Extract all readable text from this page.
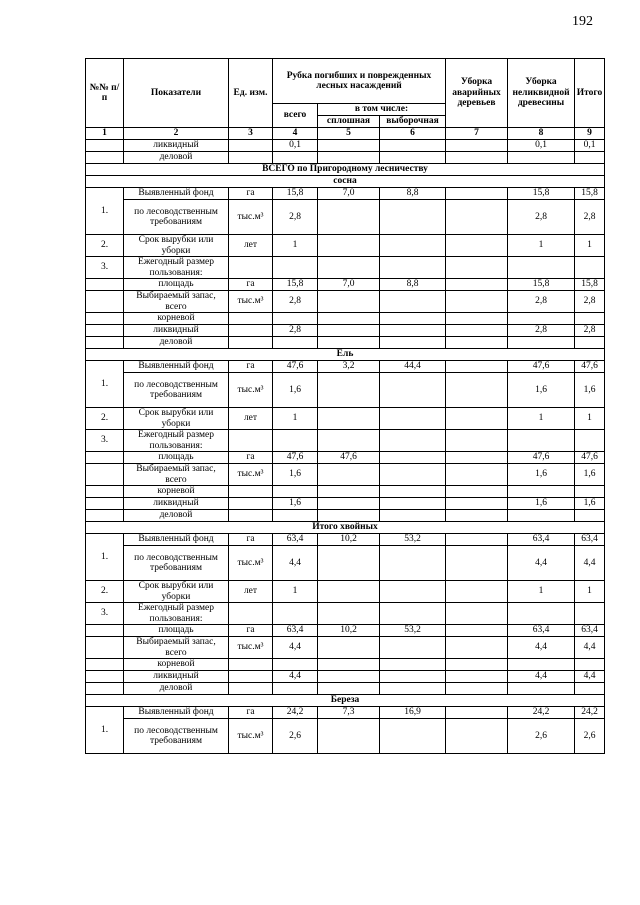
192
№№ п/п	Показатели	Ед. изм.	Рубка погибших и поврежденных лесных насаждений			Уборка аварийных деревьев	Уборка неликвидной древесины	Итого
			всего	в том числе:				
				сплошная	выборочная			
1	2	3	4	5	6	7	8	9
	ликвидный		0,1				0,1	0,1
	деловой							
ВСЕГО по Пригородному лесничеству								
сосна								
1.	Выявленный фонд	га	15,8	7,0	8,8		15,8	15,8
	по лесоводственным требованиям	тыс.м³	2,8				2,8	2,8
2.	Срок вырубки или уборки	лет	1				1	1
3.	Ежегодный размер пользования:							
	площадь	га	15,8	7,0	8,8		15,8	15,8
	Выбираемый запас, всего	тыс.м³	2,8				2,8	2,8
	корневой							
	ликвидный		2,8				2,8	2,8
	деловой							
Ель								
1.	Выявленный фонд	га	47,6	3,2	44,4		47,6	47,6
	по лесоводственным требованиям	тыс.м³	1,6				1,6	1,6
2.	Срок вырубки или уборки	лет	1				1	1
3.	Ежегодный размер пользования:							
	площадь	га	47,6	47,6			47,6	47,6
	Выбираемый запас, всего	тыс.м³	1,6				1,6	1,6
	корневой							
	ликвидный		1,6				1,6	1,6
	деловой							
Итого хвойных								
1.	Выявленный фонд	га	63,4	10,2	53,2		63,4	63,4
	по лесоводственным требованиям	тыс.м³	4,4				4,4	4,4
2.	Срок вырубки или уборки	лет	1				1	1
3.	Ежегодный размер пользования:							
	площадь	га	63,4	10,2	53,2		63,4	63,4
	Выбираемый запас, всего	тыс.м³	4,4				4,4	4,4
	корневой							
	ликвидный		4,4				4,4	4,4
	деловой							
Береза								
1.	Выявленный фонд	га	24,2	7,3	16,9		24,2	24,2
	по лесоводственным требованиям	тыс.м³	2,6				2,6	2,6
